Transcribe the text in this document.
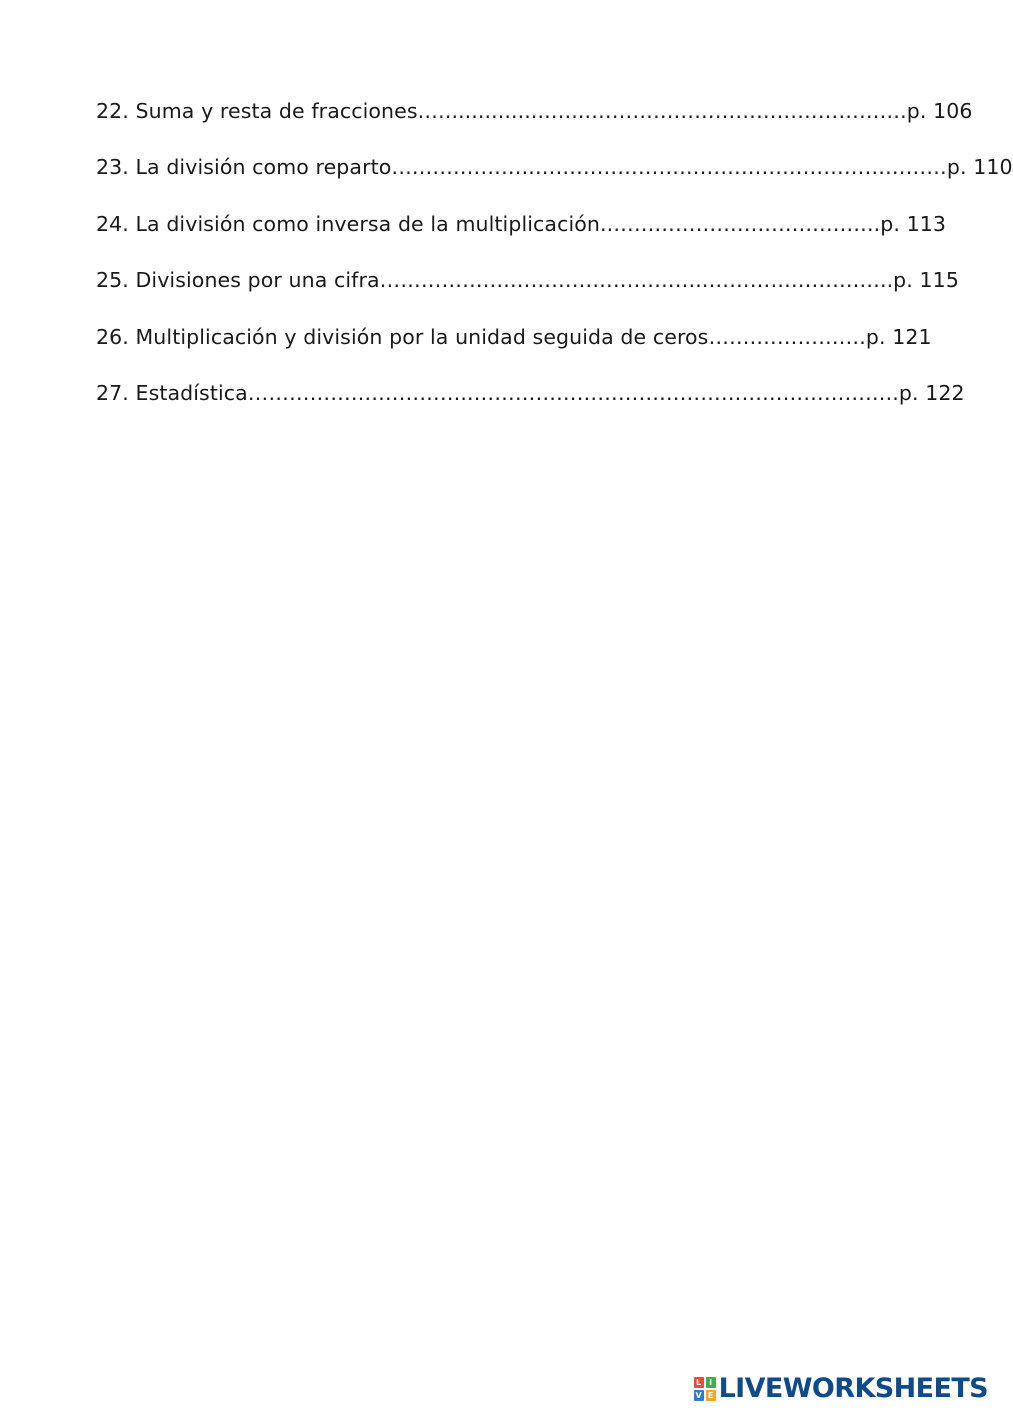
22. Suma y resta de fracciones.…................…...……………………………………….p. 106
23. La división como reparto….……………..……………………………………………………p. 110
24. La división como inversa de la multiplicación..……………………….………..p. 113
25. Divisiones por una cifra……………….………………………..………………….…..p. 115
26. Multiplicación y división por la unidad seguida de ceros…….…………….p. 121
27. Estadística……………….…………..……………………………………………………..p. 122
L I
V E LIVEWORKSHEETS
